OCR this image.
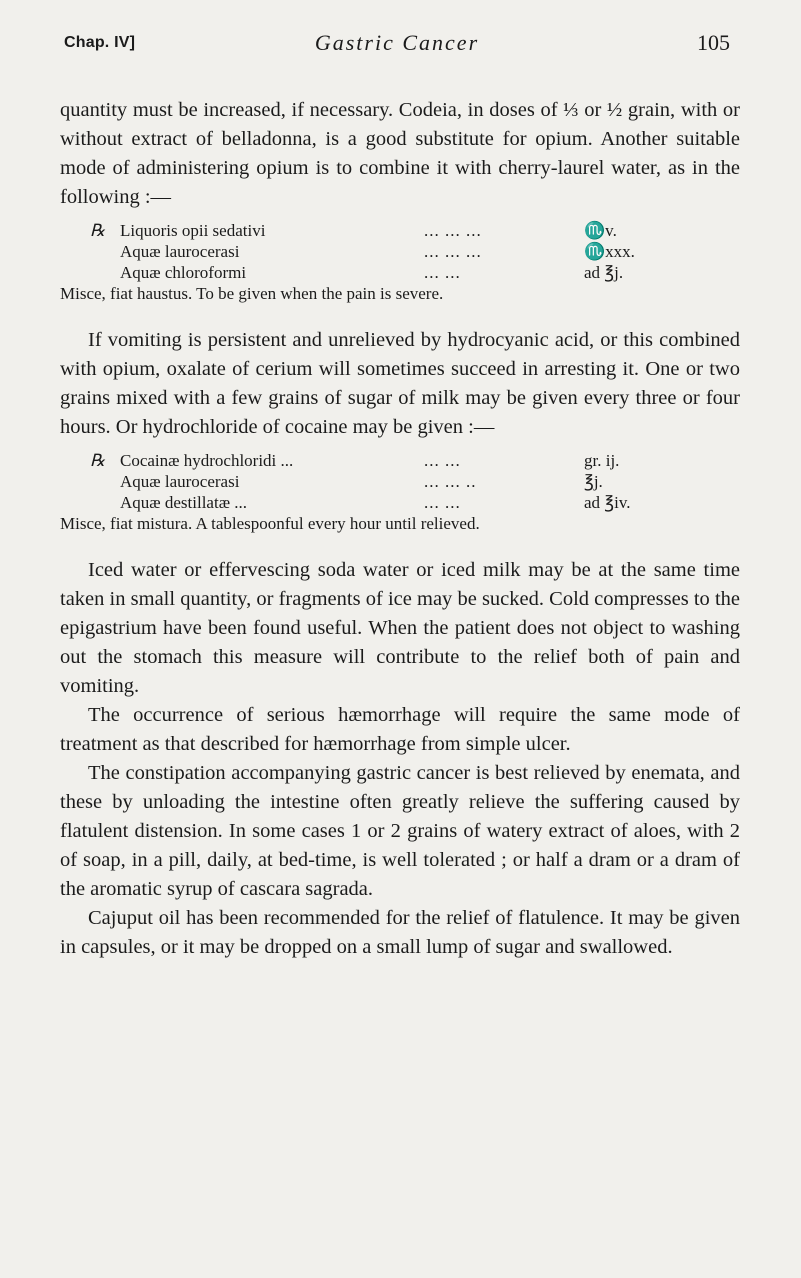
Chap. IV]	Gastric Cancer	105

quantity must be increased, if necessary. Codeia, in doses of ⅓ or ½ grain, with or without extract of belladonna, is a good substitute for opium. Another suitable mode of administering opium is to combine it with cherry-laurel water, as in the following :—

℞ Liquoris opii sedativi	... ... ...	♏v.
Aquæ laurocerasi	... ... ...	♏xxx.
Aquæ chloroformi	... ...	ad ℥j.
Misce, fiat haustus. To be given when the pain is severe.

If vomiting is persistent and unrelieved by hydrocyanic acid, or this combined with opium, oxalate of cerium will sometimes succeed in arresting it. One or two grains mixed with a few grains of sugar of milk may be given every three or four hours. Or hydrochloride of cocaine may be given :—

℞ Cocainæ hydrochloridi ...	... ...	gr. ij.
Aquæ laurocerasi	... ... ..	℥j.
Aquæ destillatæ ...	... ...	ad ℥iv.
Misce, fiat mistura. A tablespoonful every hour until relieved.

Iced water or effervescing soda water or iced milk may be at the same time taken in small quantity, or fragments of ice may be sucked. Cold compresses to the epigastrium have been found useful. When the patient does not object to washing out the stomach this measure will contribute to the relief both of pain and vomiting.

The occurrence of serious hæmorrhage will require the same mode of treatment as that described for hæmorrhage from simple ulcer.

The constipation accompanying gastric cancer is best relieved by enemata, and these by unloading the intestine often greatly relieve the suffering caused by flatulent distension. In some cases 1 or 2 grains of watery extract of aloes, with 2 of soap, in a pill, daily, at bed-time, is well tolerated ; or half a dram or a dram of the aromatic syrup of cascara sagrada.

Cajuput oil has been recommended for the relief of flatulence. It may be given in capsules, or it may be dropped on a small lump of sugar and swallowed.
